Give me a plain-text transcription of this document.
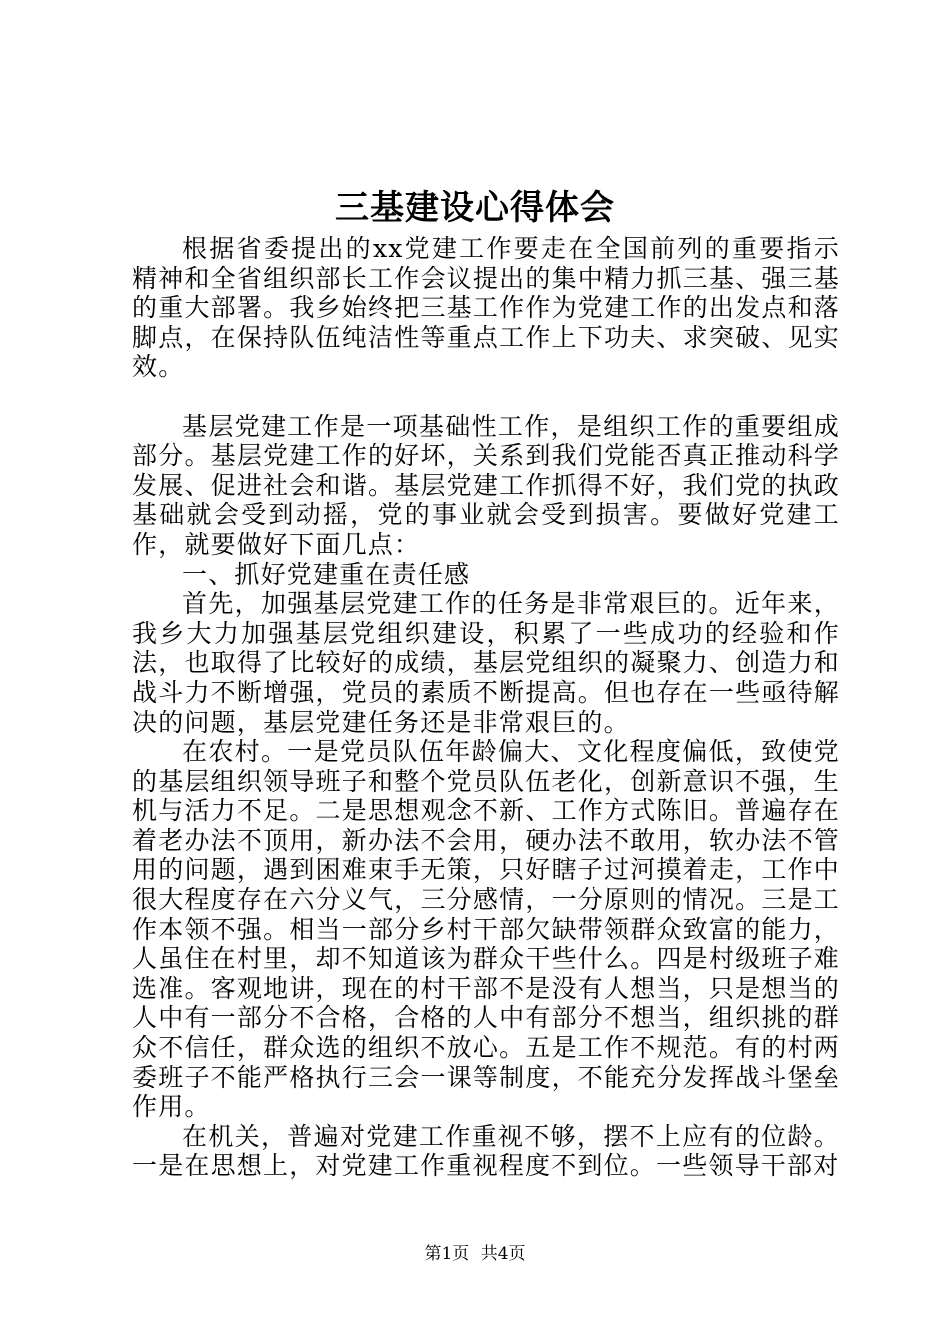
三基建设心得体会

根据省委提出的xx党建工作要走在全国前列的重要指示精神和全省组织部长工作会议提出的集中精力抓三基、强三基的重大部署。我乡始终把三基工作作为党建工作的出发点和落脚点，在保持队伍纯洁性等重点工作上下功夫、求突破、见实效。

基层党建工作是一项基础性工作，是组织工作的重要组成部分。基层党建工作的好坏，关系到我们党能否真正推动科学发展、促进社会和谐。基层党建工作抓得不好，我们党的执政基础就会受到动摇，党的事业就会受到损害。要做好党建工作，就要做好下面几点：

一、抓好党建重在责任感

首先，加强基层党建工作的任务是非常艰巨的。近年来，我乡大力加强基层党组织建设，积累了一些成功的经验和作法，也取得了比较好的成绩，基层党组织的凝聚力、创造力和战斗力不断增强，党员的素质不断提高。但也存在一些亟待解决的问题，基层党建任务还是非常艰巨的。

在农村。一是党员队伍年龄偏大、文化程度偏低，致使党的基层组织领导班子和整个党员队伍老化，创新意识不强，生机与活力不足。二是思想观念不新、工作方式陈旧。普遍存在着老办法不顶用，新办法不会用，硬办法不敢用，软办法不管用的问题，遇到困难束手无策，只好瞎子过河摸着走，工作中很大程度存在六分义气，三分感情，一分原则的情况。三是工作本领不强。相当一部分乡村干部欠缺带领群众致富的能力，人虽住在村里，却不知道该为群众干些什么。四是村级班子难选准。客观地讲，现在的村干部不是没有人想当，只是想当的人中有一部分不合格，合格的人中有部分不想当，组织挑的群众不信任，群众选的组织不放心。五是工作不规范。有的村两委班子不能严格执行三会一课等制度，不能充分发挥战斗堡垒作用。

在机关，普遍对党建工作重视不够，摆不上应有的位龄。一是在思想上，对党建工作重视程度不到位。一些领导干部对

第1页 共4页
